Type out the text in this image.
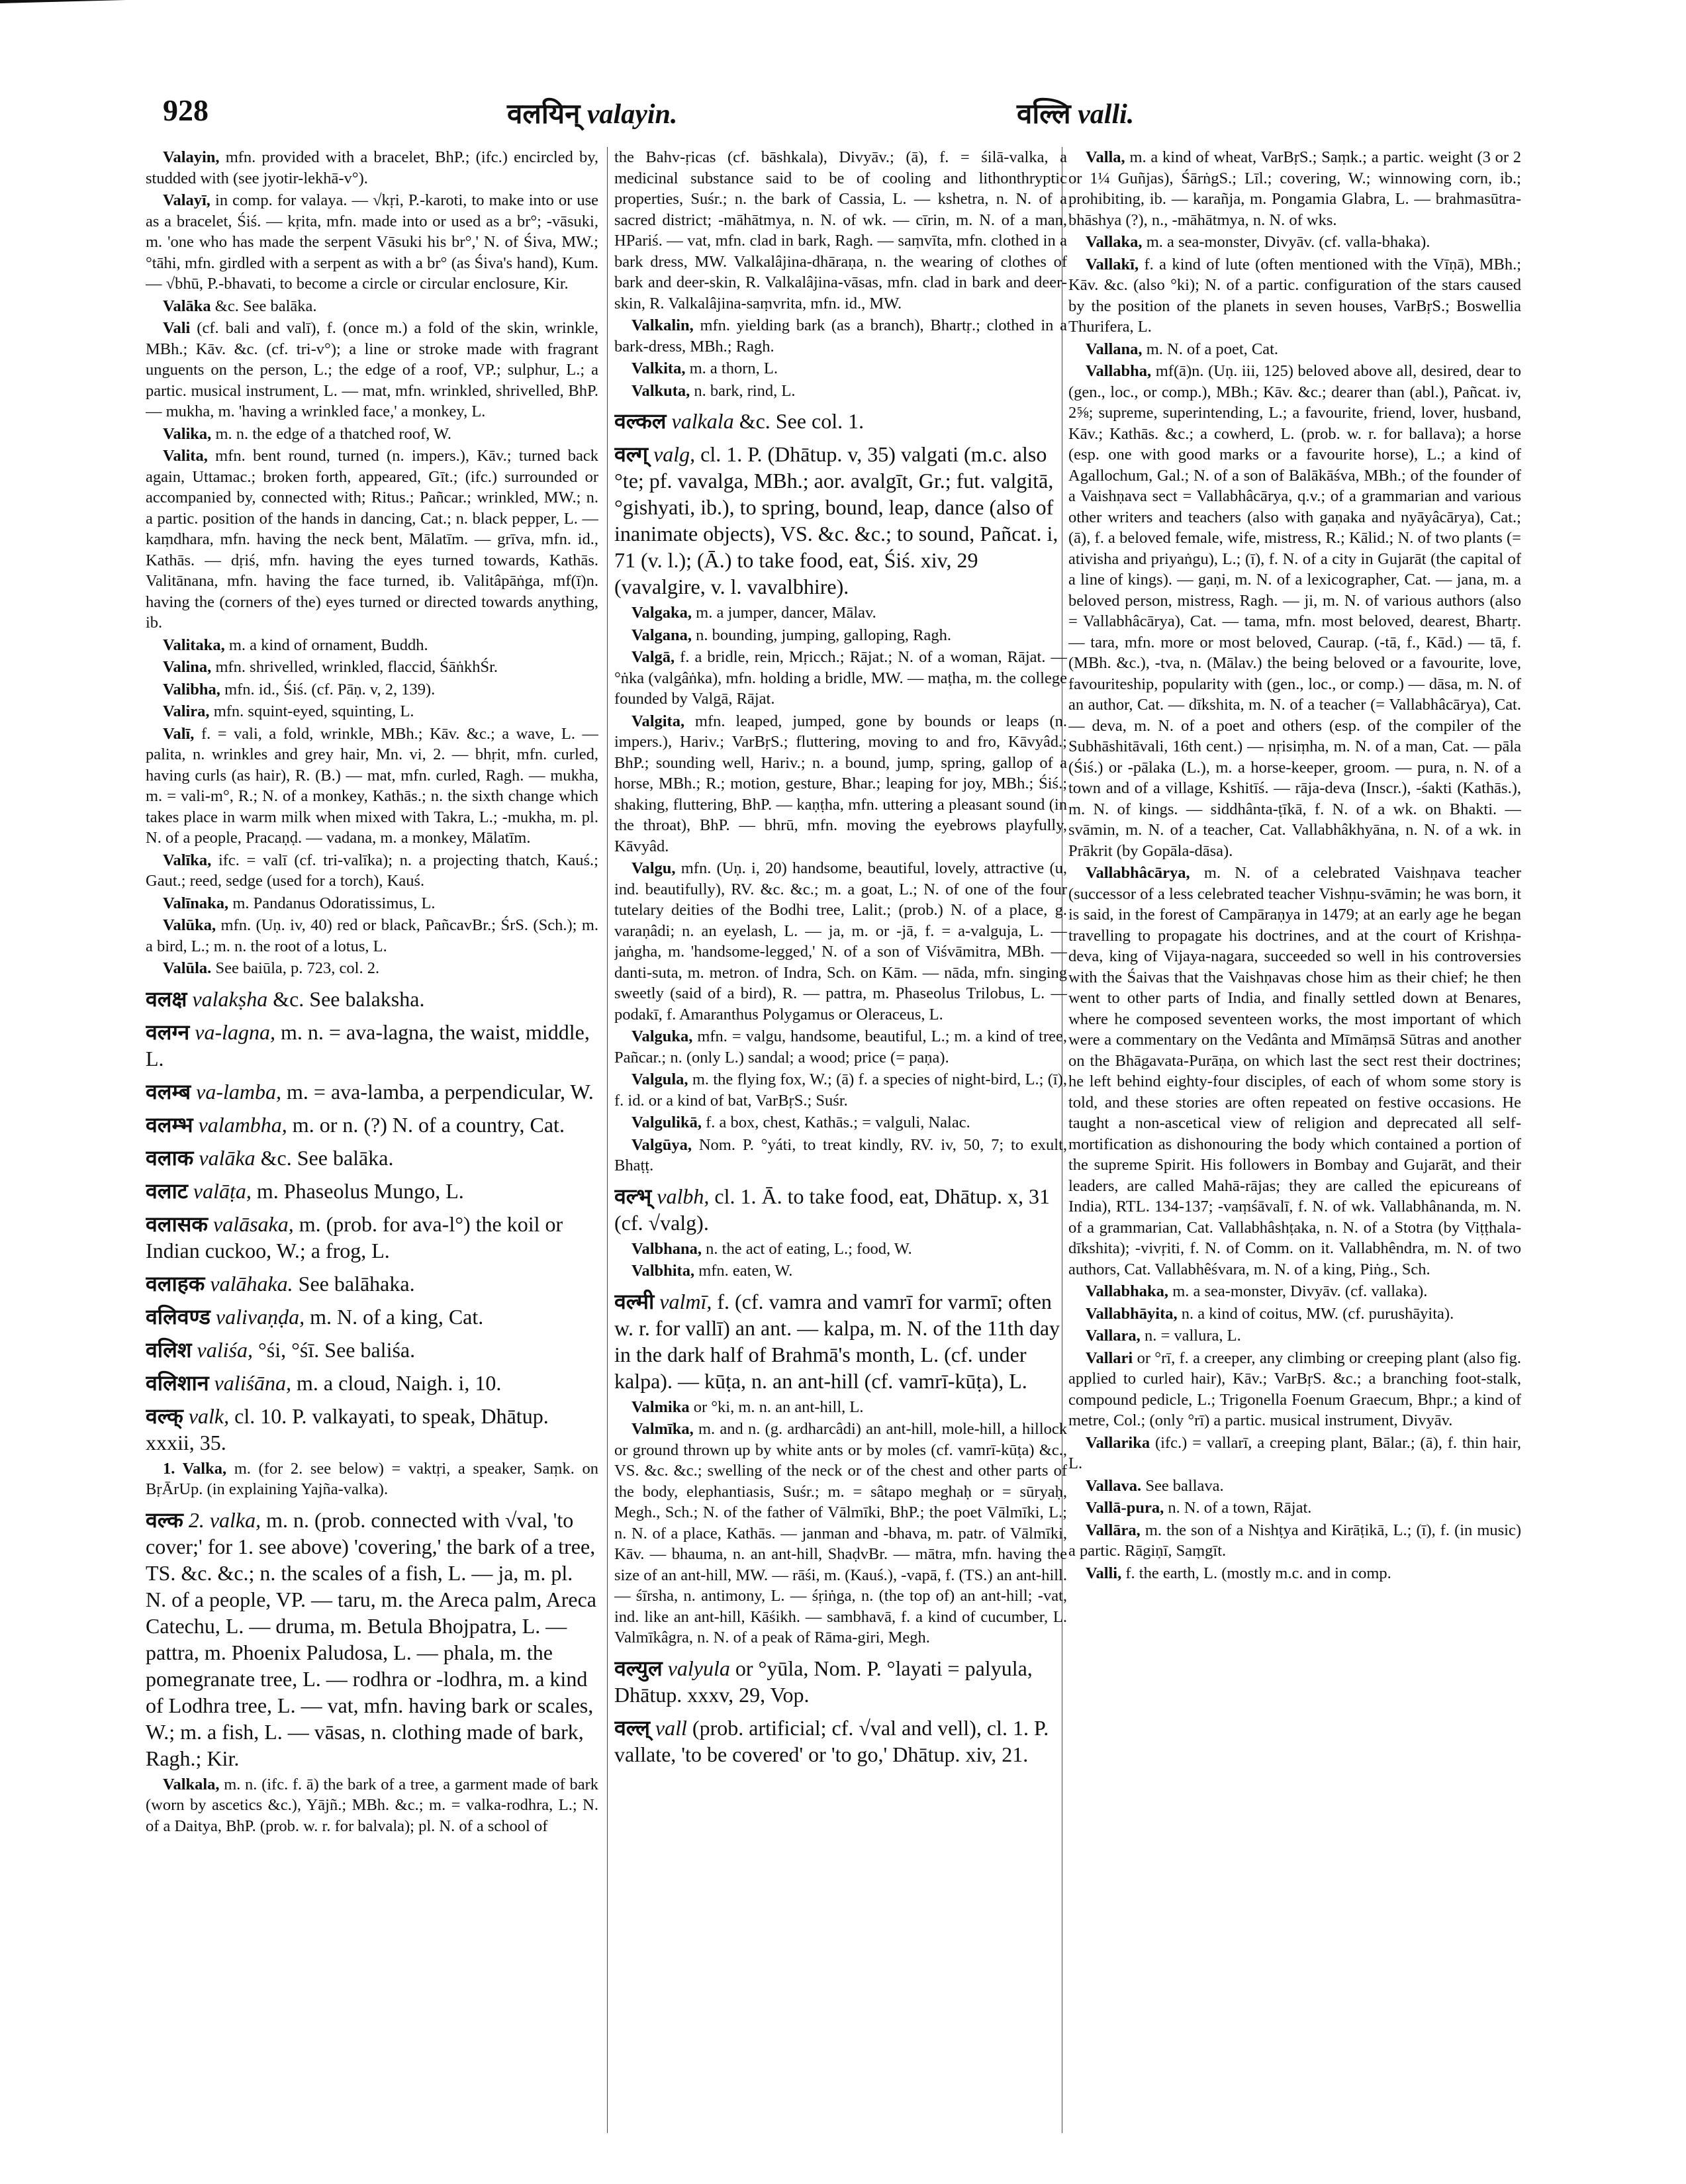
928	वलयिन् valayin.	वल्लि valli.

Valayin, mfn. provided with a bracelet, BhP.; (ifc.) encircled by, studded with (see jyotir-lekhā-v°).

Valayī, in comp. for valaya. — √kṛi, P.-karoti, to make into or use as a bracelet, Śiś. — kṛita, mfn. made into or used as a br°; -vāsuki, m. 'one who has made the serpent Vāsuki his br°,' N. of Śiva, MW.; °tāhi, mfn. girdled with a serpent as with a br° (as Śiva's hand), Kum. — √bhū, P.-bhavati, to become a circle or circular enclosure, Kir.

Valāka &c. See balāka.

Vali (cf. bali and valī), f. (once m.) a fold of the skin, wrinkle, MBh.; Kāv. &c. (cf. tri-v°); a line or stroke made with fragrant unguents on the person, L.; the edge of a roof, VP.; sulphur, L.; a partic. musical instrument, L. — mat, mfn. wrinkled, shrivelled, BhP. — mukha, m. 'having a wrinkled face,' a monkey, L.

Valika, m. n. the edge of a thatched roof, W.

Valita, mfn. bent round, turned (n. impers.), Kāv.; turned back again, Uttamac.; broken forth, appeared, Gīt.; (ifc.) surrounded or accompanied by, connected with; Ritus.; Pañcar.; wrinkled, MW.; n. a partic. position of the hands in dancing, Cat.; n. black pepper, L. — kaṃdhara, mfn. having the neck bent, Mālatīm. — grīva, mfn. id., Kathās. — dṛiś, mfn. having the eyes turned towards, Kathās. Valitānana, mfn. having the face turned, ib. Valitâpāṅga, mf(ī)n. having the (corners of the) eyes turned or directed towards anything, ib.

Valitaka, m. a kind of ornament, Buddh.

Valina, mfn. shrivelled, wrinkled, flaccid, ŚāṅkhŚr.

Valibha, mfn. id., Śiś. (cf. Pāṇ. v, 2, 139).

Valira, mfn. squint-eyed, squinting, L.

Valī, f. = vali, a fold, wrinkle, MBh.; Kāv. &c.; a wave, L. — palita, n. wrinkles and grey hair, Mn. vi, 2. — bhṛit, mfn. curled, having curls (as hair), R. (B.) — mat, mfn. curled, Ragh. — mukha, m. = vali-m°, R.; N. of a monkey, Kathās.; n. the sixth change which takes place in warm milk when mixed with Takra, L.; -mukha, m. pl. N. of a people, Pracaṇḍ. — vadana, m. a monkey, Mālatīm.

Valīka, ifc. = valī (cf. tri-valīka); n. a projecting thatch, Kauś.; Gaut.; reed, sedge (used for a torch), Kauś.

Valīnaka, m. Pandanus Odoratissimus, L.

Valūka, mfn. (Uṇ. iv, 40) red or black, PañcavBr.; ŚrS. (Sch.); m. a bird, L.; m. n. the root of a lotus, L.

Valūla. See baiūla, p. 723, col. 2.

वलक्ष valakṣha &c. See balaksha.

वलग्न va-lagna, m. n. = ava-lagna, the waist, middle, L.

वलम्ब va-lamba, m. = ava-lamba, a perpendicular, W.

वलम्भ valambha, m. or n. (?) N. of a country, Cat.

वलाक valāka &c. See balāka.

वलाट valāṭa, m. Phaseolus Mungo, L.

वलासक valāsaka, m. (prob. for ava-l°) the koil or Indian cuckoo, W.; a frog, L.

वलाहक valāhaka. See balāhaka.

वलिवण्ड valivaṇḍa, m. N. of a king, Cat.

वलिश valiśa, °śi, °śī. See baliśa.

वलिशान valiśāna, m. a cloud, Naigh. i, 10.

वल्क् valk, cl. 10. P. valkayati, to speak, Dhātup. xxxii, 35.

1. Valka, m. (for 2. see below) = vaktṛi, a speaker, Saṃk. on BṛĀrUp. (in explaining Yajña-valka).

वल्क 2. valka, m. n. (prob. connected with √val, 'to cover;' for 1. see above) 'covering,' the bark of a tree, TS. &c. &c.; n. the scales of a fish, L. — ja, m. pl. N. of a people, VP. — taru, m. the Areca palm, Areca Catechu, L. — druma, m. Betula Bhojpatra, L. — pattra, m. Phoenix Paludosa, L. — phala, m. the pomegranate tree, L. — rodhra or -lodhra, m. a kind of Lodhra tree, L. — vat, mfn. having bark or scales, W.; m. a fish, L. — vāsas, n. clothing made of bark, Ragh.; Kir.

Valkala, m. n. (ifc. f. ā) the bark of a tree, a garment made of bark (worn by ascetics &c.), Yājñ.; MBh. &c.; m. = valka-rodhra, L.; N. of a Daitya, BhP. (prob. w. r. for balvala); pl. N. of a school of

the Bahv-ṛicas (cf. bāshkala), Divyāv.; (ā), f. = śilā-valka, a medicinal substance said to be of cooling and lithonthryptic properties, Suśr.; n. the bark of Cassia, L. — kshetra, n. N. of a sacred district; -māhātmya, n. N. of wk. — cīrin, m. N. of a man, HPariś. — vat, mfn. clad in bark, Ragh. — saṃvīta, mfn. clothed in a bark dress, MW. Valkalâjina-dhāraṇa, n. the wearing of clothes of bark and deer-skin, R. Valkalâjina-vāsas, mfn. clad in bark and deer-skin, R. Valkalâjina-saṃvrita, mfn. id., MW.

Valkalin, mfn. yielding bark (as a branch), Bhartṛ.; clothed in a bark-dress, MBh.; Ragh.

Valkita, m. a thorn, L.

Valkuta, n. bark, rind, L.

वल्कल valkala &c. See col. 1.

वल्ग् valg, cl. 1. P. (Dhātup. v, 35) valgati (m.c. also °te; pf. vavalga, MBh.; aor. avalgīt, Gr.; fut. valgitā, °gishyati, ib.), to spring, bound, leap, dance (also of inanimate objects), VS. &c. &c.; to sound, Pañcat. i, 71 (v. l.); (Ā.) to take food, eat, Śiś. xiv, 29 (vavalgire, v. l. vavalbhire).

Valgaka, m. a jumper, dancer, Mālav.

Valgana, n. bounding, jumping, galloping, Ragh.

Valgā, f. a bridle, rein, Mṛicch.; Rājat.; N. of a woman, Rājat. — °ṅka (valgâṅka), mfn. holding a bridle, MW. — maṭha, m. the college founded by Valgā, Rājat.

Valgita, mfn. leaped, jumped, gone by bounds or leaps (n. impers.), Hariv.; VarBṛS.; fluttering, moving to and fro, Kāvyâd.; BhP.; sounding well, Hariv.; n. a bound, jump, spring, gallop of a horse, MBh.; R.; motion, gesture, Bhar.; leaping for joy, MBh.; Śiś.; shaking, fluttering, BhP. — kaṇṭha, mfn. uttering a pleasant sound (in the throat), BhP. — bhrū, mfn. moving the eyebrows playfully, Kāvyâd.

Valgu, mfn. (Uṇ. i, 20) handsome, beautiful, lovely, attractive (u, ind. beautifully), RV. &c. &c.; m. a goat, L.; N. of one of the four tutelary deities of the Bodhi tree, Lalit.; (prob.) N. of a place, g. varaṇâdi; n. an eyelash, L. — ja, m. or -jā, f. = a-valguja, L. — jaṅgha, m. 'handsome-legged,' N. of a son of Viśvāmitra, MBh. — danti-suta, m. metron. of Indra, Sch. on Kām. — nāda, mfn. singing sweetly (said of a bird), R. — pattra, m. Phaseolus Trilobus, L. — podakī, f. Amaranthus Polygamus or Oleraceus, L.

Valguka, mfn. = valgu, handsome, beautiful, L.; m. a kind of tree, Pañcar.; n. (only L.) sandal; a wood; price (= paṇa).

Valgula, m. the flying fox, W.; (ā) f. a species of night-bird, L.; (ī), f. id. or a kind of bat, VarBṛS.; Suśr.

Valgulikā, f. a box, chest, Kathās.; = valguli, Nalac.

Valgūya, Nom. P. °yáti, to treat kindly, RV. iv, 50, 7; to exult, Bhaṭṭ.

वल्भ् valbh, cl. 1. Ā. to take food, eat, Dhātup. x, 31 (cf. √valg).

Valbhana, n. the act of eating, L.; food, W.

Valbhita, mfn. eaten, W.

वल्मी valmī, f. (cf. vamra and vamrī for varmī; often w. r. for vallī) an ant. — kalpa, m. N. of the 11th day in the dark half of Brahmā's month, L. (cf. under kalpa). — kūṭa, n. an ant-hill (cf. vamrī-kūṭa), L.

Valmika or °ki, m. n. an ant-hill, L.

Valmīka, m. and n. (g. ardharcâdi) an ant-hill, mole-hill, a hillock or ground thrown up by white ants or by moles (cf. vamrī-kūṭa) &c., VS. &c. &c.; swelling of the neck or of the chest and other parts of the body, elephantiasis, Suśr.; m. = sâtapo meghaḥ or = sūryaḥ, Megh., Sch.; N. of the father of Vālmīki, BhP.; the poet Vālmīki, L.; n. N. of a place, Kathās. — janman and -bhava, m. patr. of Vālmīki, Kāv. — bhauma, n. an ant-hill, ShaḍvBr. — mātra, mfn. having the size of an ant-hill, MW. — rāśi, m. (Kauś.), -vapā, f. (TS.) an ant-hill. — śīrsha, n. antimony, L. — śṛiṅga, n. (the top of) an ant-hill; -vat, ind. like an ant-hill, Kāśikh. — sambhavā, f. a kind of cucumber, L. Valmīkâgra, n. N. of a peak of Rāma-giri, Megh.

वल्युल valyula or °yūla, Nom. P. °layati = palyula, Dhātup. xxxv, 29, Vop.

वल्ल् vall (prob. artificial; cf. √val and vell), cl. 1. P. vallate, 'to be covered' or 'to go,' Dhātup. xiv, 21.

Valla, m. a kind of wheat, VarBṛS.; Saṃk.; a partic. weight (3 or 2 or 1¼ Guñjas), ŚārṅgS.; Līl.; covering, W.; winnowing corn, ib.; prohibiting, ib. — karañja, m. Pongamia Glabra, L. — brahmasūtra-bhāshya (?), n., -māhātmya, n. N. of wks.

Vallaka, m. a sea-monster, Divyāv. (cf. valla-bhaka).

Vallakī, f. a kind of lute (often mentioned with the Vīṇā), MBh.; Kāv. &c. (also °ki); N. of a partic. configuration of the stars caused by the position of the planets in seven houses, VarBṛS.; Boswellia Thurifera, L.

Vallana, m. N. of a poet, Cat.

Vallabha, mf(ā)n. (Uṇ. iii, 125) beloved above all, desired, dear to (gen., loc., or comp.), MBh.; Kāv. &c.; dearer than (abl.), Pañcat. iv, 2⅝; supreme, superintending, L.; a favourite, friend, lover, husband, Kāv.; Kathās. &c.; a cowherd, L. (prob. w. r. for ballava); a horse (esp. one with good marks or a favourite horse), L.; a kind of Agallochum, Gal.; N. of a son of Balākāśva, MBh.; of the founder of a Vaishṇava sect = Vallabhâcārya, q.v.; of a grammarian and various other writers and teachers (also with gaṇaka and nyāyâcārya), Cat.; (ā), f. a beloved female, wife, mistress, R.; Kālid.; N. of two plants (= ativisha and priyaṅgu), L.; (ī), f. N. of a city in Gujarāt (the capital of a line of kings). — gaṇi, m. N. of a lexicographer, Cat. — jana, m. a beloved person, mistress, Ragh. — ji, m. N. of various authors (also = Vallabhâcārya), Cat. — tama, mfn. most beloved, dearest, Bhartṛ. — tara, mfn. more or most beloved, Caurap. (-tā, f., Kād.) — tā, f. (MBh. &c.), -tva, n. (Mālav.) the being beloved or a favourite, love, favouriteship, popularity with (gen., loc., or comp.) — dāsa, m. N. of an author, Cat. — dīkshita, m. N. of a teacher (= Vallabhâcārya), Cat. — deva, m. N. of a poet and others (esp. of the compiler of the Subhāshitāvali, 16th cent.) — nṛisiṃha, m. N. of a man, Cat. — pāla (Śiś.) or -pālaka (L.), m. a horse-keeper, groom. — pura, n. N. of a town and of a village, Kshitīś. — rāja-deva (Inscr.), -śakti (Kathās.), m. N. of kings. — siddhânta-ṭīkā, f. N. of a wk. on Bhakti. — svāmin, m. N. of a teacher, Cat. Vallabhâkhyāna, n. N. of a wk. in Prākrit (by Gopāla-dāsa).

Vallabhâcārya, m. N. of a celebrated Vaishṇava teacher (successor of a less celebrated teacher Vishṇu-svāmin; he was born, it is said, in the forest of Campāraṇya in 1479; at an early age he began travelling to propagate his doctrines, and at the court of Krishṇa-deva, king of Vijaya-nagara, succeeded so well in his controversies with the Śaivas that the Vaishṇavas chose him as their chief; he then went to other parts of India, and finally settled down at Benares, where he composed seventeen works, the most important of which were a commentary on the Vedânta and Mīmāṃsā Sūtras and another on the Bhāgavata-Purāṇa, on which last the sect rest their doctrines; he left behind eighty-four disciples, of each of whom some story is told, and these stories are often repeated on festive occasions. He taught a non-ascetical view of religion and deprecated all self-mortification as dishonouring the body which contained a portion of the supreme Spirit. His followers in Bombay and Gujarāt, and their leaders, are called Mahā-rājas; they are called the epicureans of India), RTL. 134-137; -vaṃśāvalī, f. N. of wk. Vallabhânanda, m. N. of a grammarian, Cat. Vallabhâshṭaka, n. N. of a Stotra (by Viṭṭhala-dīkshita); -vivṛiti, f. N. of Comm. on it. Vallabhêndra, m. N. of two authors, Cat. Vallabhêśvara, m. N. of a king, Piṅg., Sch.

Vallabhaka, m. a sea-monster, Divyāv. (cf. vallaka).

Vallabhāyita, n. a kind of coitus, MW. (cf. purushāyita).

Vallara, n. = vallura, L.

Vallari or °rī, f. a creeper, any climbing or creeping plant (also fig. applied to curled hair), Kāv.; VarBṛS. &c.; a branching foot-stalk, compound pedicle, L.; Trigonella Foenum Graecum, Bhpr.; a kind of metre, Col.; (only °rī) a partic. musical instrument, Divyāv.

Vallarika (ifc.) = vallarī, a creeping plant, Bālar.; (ā), f. thin hair, L.

Vallava. See ballava.

Vallā-pura, n. N. of a town, Rājat.

Vallāra, m. the son of a Nishṭya and Kirāṭikā, L.; (ī), f. (in music) a partic. Rāgiṇī, Saṃgīt.

Valli, f. the earth, L. (mostly m.c. and in comp.
